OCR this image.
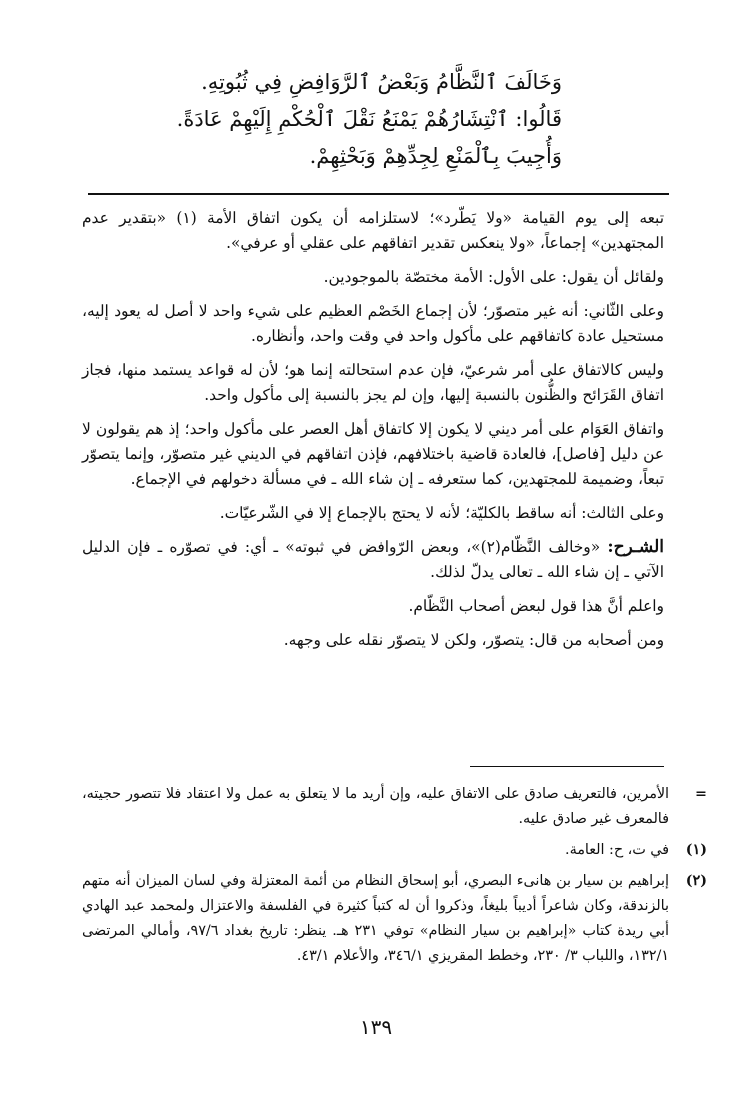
وَخَالَفَ ٱلنَّظَّامُ وَبَعْضُ ٱلرَّوَافِضِ فِي ثُبُوتِهِ.

قَالُوا: ٱنْتِشَارُهُمْ يَمْنَعُ نَقْلَ ٱلْحُكْمِ إِلَيْهِمْ عَادَةً.

وَأُجِيبَ بِٱلْمَنْعِ لِجِدِّهِمْ وَبَحْثِهِمْ.

تبعه إلى يوم القيامة «ولا يَطّرد»؛ لاستلزامه أن يكون اتفاق الأمة (١) «بتقدير عدم المجتهدين» إجماعاً، «ولا ينعكس تقدير اتفاقهم على عقلي أو عرفي».

ولقائل أن يقول: على الأول: الأمة مختصّة بالموجودين.

وعلى الثّاني: أنه غير متصوّر؛ لأن إجماع الخَصْم العظيم على شيء واحد لا أصل له يعود إليه، مستحيل عادة كاتفاقهم على مأكول واحد في وقت واحد، وأنظاره.

وليس كالاتفاق على أمر شرعيّ، فإن عدم استحالته إنما هو؛ لأن له قواعد يستمد منها، فجاز اتفاق القَرَائح والظُّنون بالنسبة إليها، وإن لم يجز بالنسبة إلى مأكول واحد.

واتفاق العَوَام على أمر ديني لا يكون إلا كاتفاق أهل العصر على مأكول واحد؛ إذ هم يقولون لا عن دليل [فاصل]، فالعادة قاضية باختلافهم، فإذن اتفاقهم في الديني غير متصوّر، وإنما يتصوّر تبعاً، وضميمة للمجتهدين، كما ستعرفه ـ إن شاء الله ـ في مسألة دخولهم في الإجماع.

وعلى الثالث: أنه ساقط بالكليّة؛ لأنه لا يحتج بالإجماع إلا في الشّرعيّات.

الشـرح: «وخالف النَّظّام(٢)»، وبعض الرّوافض في ثبوته» ـ أي: في تصوّره ـ فإن الدليل الآتي ـ إن شاء الله ـ تعالى يدلّ لذلك.

واعلم أنَّ هذا قول لبعض أصحاب النَّظّام.

ومن أصحابه من قال: يتصوّر، ولكن لا يتصوّر نقله على وجهه.

=
الأمرين، فالتعريف صادق على الاتفاق عليه، وإن أريد ما لا يتعلق به عمل ولا اعتقاد فلا تتصور حجيته، فالمعرف غير صادق عليه.
(١)
في ت، ح: العامة.
(٢)
إبراهيم بن سيار بن هانىء البصري، أبو إسحاق النظام من أئمة المعتزلة وفي لسان الميزان أنه متهم بالزندقة، وكان شاعراً أديباً بليغاً، وذكروا أن له كتباً كثيرة في الفلسفة والاعتزال ولمحمد عبد الهادي أبي ريدة كتاب «إبراهيم بن سيار النظام» توفي ٢٣١ هـ. ينظر: تاريخ بغداد ٩٧/٦، وأمالي المرتضى ١٣٢/١، واللباب ٣/ ٢٣٠، وخطط المقريزي ٣٤٦/١، والأعلام ٤٣/١.
١٣٩
